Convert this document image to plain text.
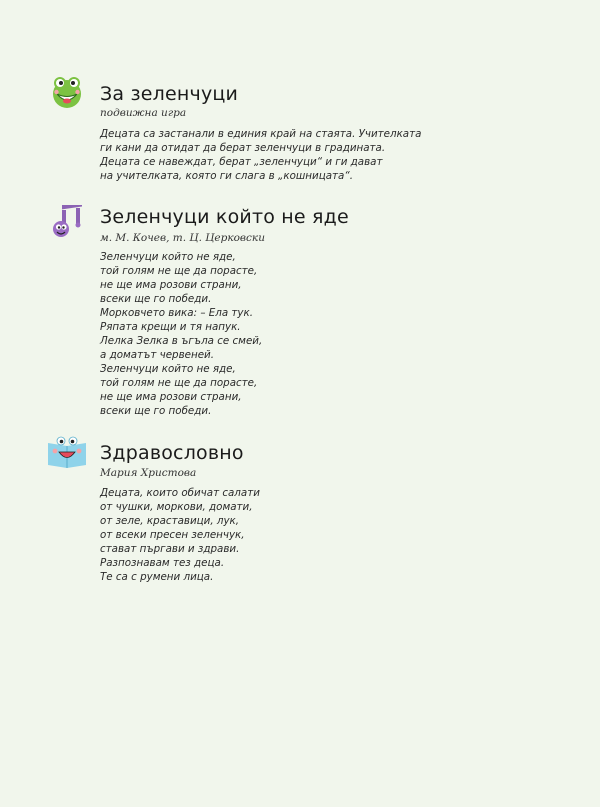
За зеленчуци
подвижна игра
Децата са застанали в единия край на стаята. Учителката
ги кани да отидат да берат зеленчуци в градината.
Децата се навеждат, берат „зеленчуци“ и ги дават
на учителката, която ги слага в „кошницата“.
Зеленчуци който не яде
м. М. Кочев, т. Ц. Церковски
Зеленчуци който не яде,
той голям не ще да порасте,
не ще има розови страни,
всеки ще го победи.
Морковчето вика: – Ела тук.
Ряпата крещи и тя напук.
Лелка Зелка в ъгъла се смей,
а доматът червеней.
Зеленчуци който не яде,
той голям не ще да порасте,
не ще има розови страни,
всеки ще го победи.
Здравословно
Мария Христова
Децата, които обичат салати
от чушки, моркови, домати,
от зеле, краставици, лук,
от всеки пресен зеленчук,
стават пъргави и здрави.
Разпознавам тез деца.
Те са с румени лица.
